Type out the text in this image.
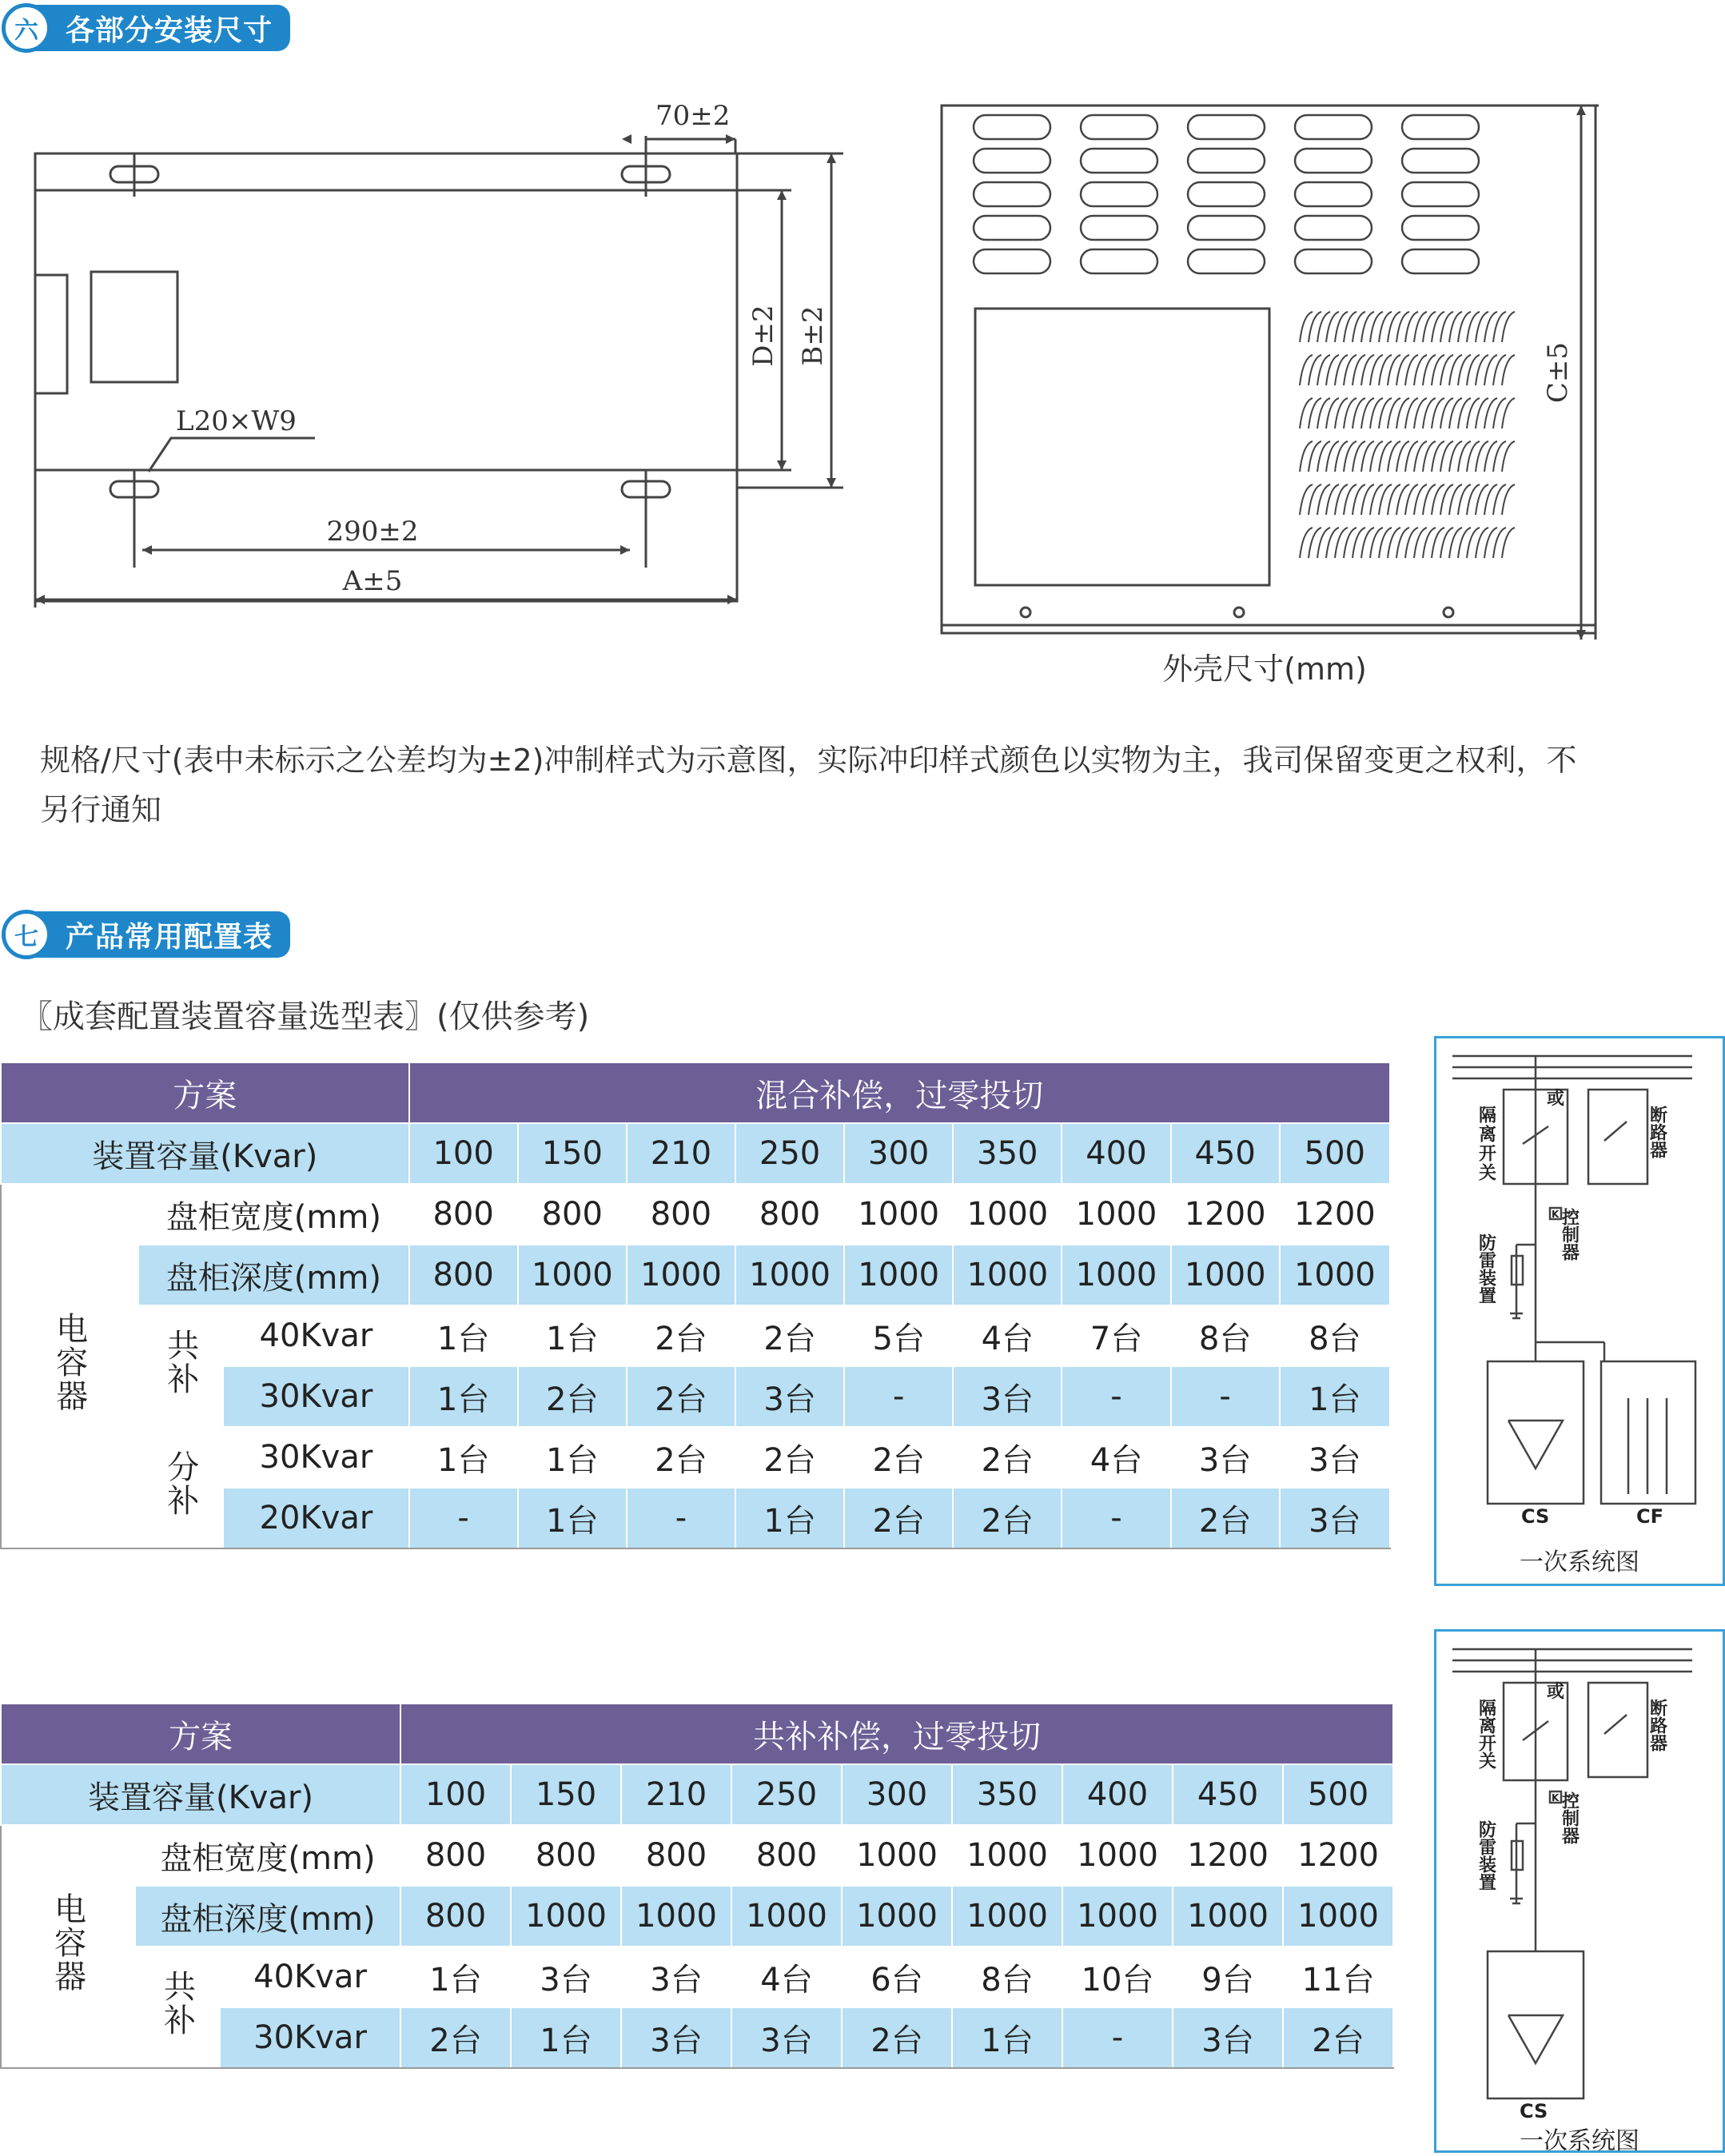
六 各部分安装尺寸
70±2
D±2 B±2
L20×W9
290±2
A±5
C±5
外壳尺寸(mm)
规格/尺寸(表中未标示之公差均为±2)冲制样式为示意图，实际冲印样式颜色以实物为主，我司保留变更之权利，不另行通知
七 产品常用配置表
〖成套配置装置容量选型表〗(仅供参考)
方案			混合补偿，过零投切								
装置容量(Kvar)			100	150	210	250	300	350	400	450	500
电容器	盘柜宽度(mm)		800	800	800	800	1000	1000	1000	1200	1200
	盘柜深度(mm)		800	1000	1000	1000	1000	1000	1000	1000	1000
	共补	40Kvar	1台	1台	2台	2台	5台	4台	7台	8台	8台
		30Kvar	1台	2台	2台	3台	-	3台	-	-	1台
	分补	30Kvar	1台	1台	2台	2台	2台	2台	4台	3台	3台
		20Kvar	-	1台	-	1台	2台	2台	-	2台	3台
方案			共补补偿，过零投切								
装置容量(Kvar)			100	150	210	250	300	350	400	450	500
电容器	盘柜宽度(mm)		800	800	800	800	1000	1000	1000	1200	1200
	盘柜深度(mm)		800	1000	1000	1000	1000	1000	1000	1000	1000
	共补	40Kvar	1台	3台	3台	4台	6台	8台	10台	9台	11台
		30Kvar	2台	1台	3台	3台	2台	1台	-	3台	2台
隔离开关
或
断路器
K 控制器
防雷装置
CS	CF
一次系统图
隔离开关
或
断路器
K 控制器
防雷装置
CS
一次系统图
